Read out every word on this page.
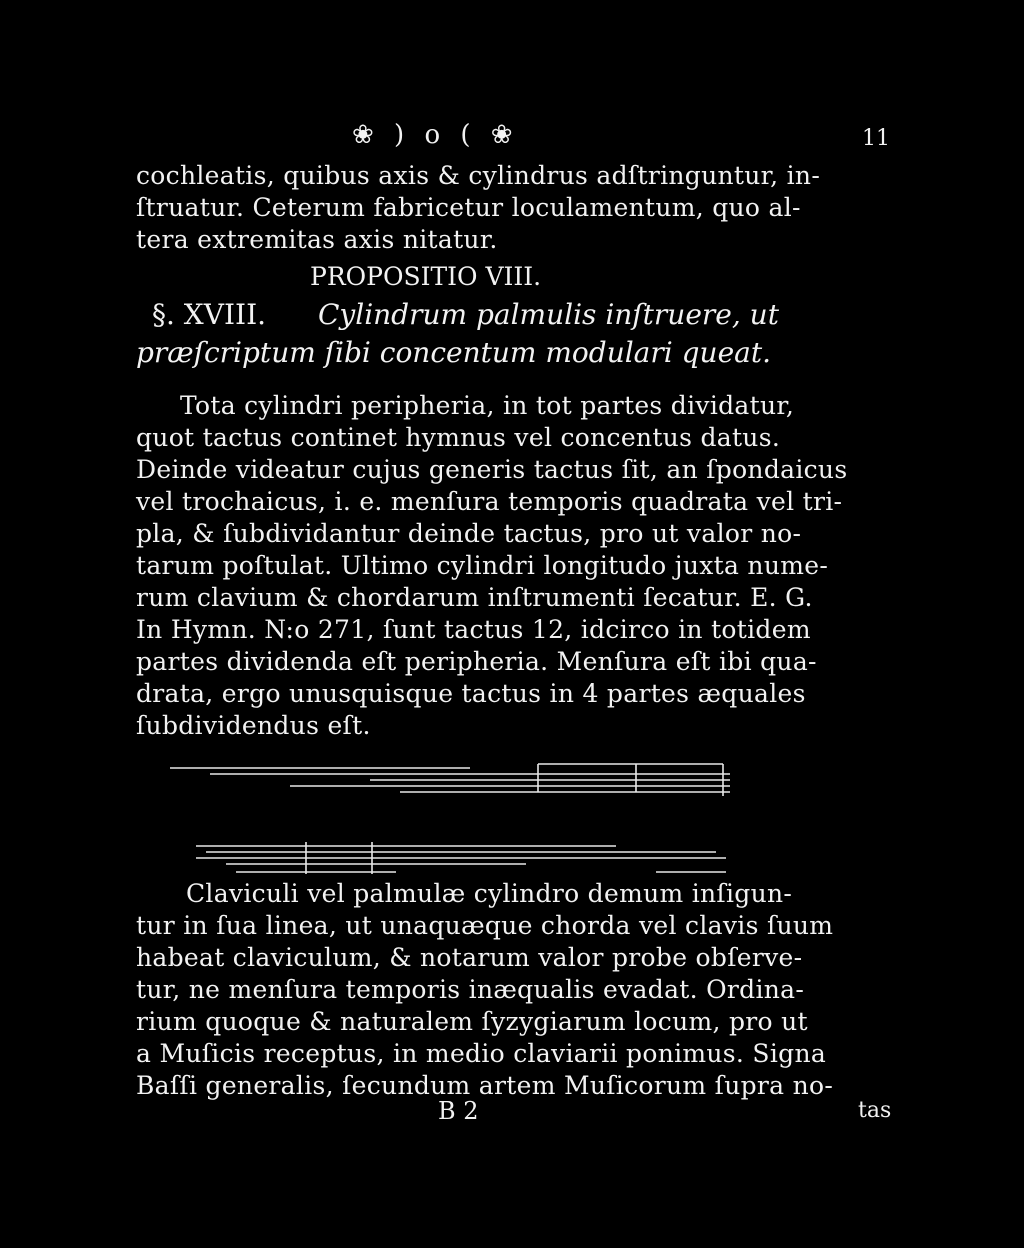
❀ ) o ( ❀	11
cochleatis, quibus axis & cylindrus adſtringuntur, in-
ſtruatur. Ceterum fabricetur loculamentum, quo al-
tera extremitas axis nitatur.
PROPOSITIO VIII.
§. XVIII. Cylindrum palmulis inſtruere, ut
præſcriptum ſibi concentum modulari queat.
Tota cylindri peripheria, in tot partes dividatur,
quot tactus continet hymnus vel concentus datus.
Deinde videatur cujus generis tactus ſit, an ſpondaicus
vel trochaicus, i. e. menſura temporis quadrata vel tri-
pla, & ſubdividantur deinde tactus, pro ut valor no-
tarum poſtulat. Ultimo cylindri longitudo juxta nume-
rum clavium & chordarum inſtrumenti ſecatur. E. G.
In Hymn. N:o 271, ſunt tactus 12, idcirco in totidem
partes dividenda eſt peripheria. Menſura eſt ibi qua-
drata, ergo unusquisque tactus in 4 partes æquales
ſubdividendus eſt.
Claviculi vel palmulæ cylindro demum inſigun-
tur in ſua linea, ut unaquæque chorda vel clavis ſuum
habeat claviculum, & notarum valor probe obſerve-
tur, ne menſura temporis inæqualis evadat. Ordina-
rium quoque & naturalem ſyzygiarum locum, pro ut
a Muſicis receptus, in medio claviarii ponimus. Signa
Baſſi generalis, ſecundum artem Muſicorum ſupra no-
B 2	tas
